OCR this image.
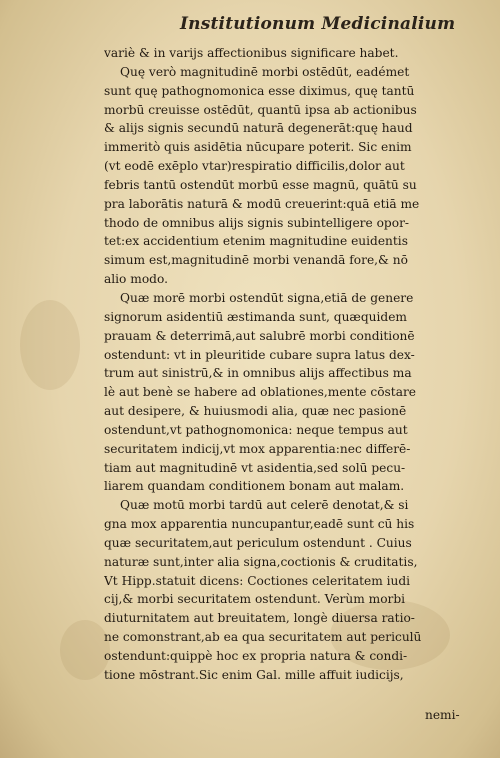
Institutionum Medicinalium
variè & in varijs affectionibus significare habet.
Quę verò magnitudinē morbi ostēdūt, eadémet
sunt quę pathognomonica esse diximus, quę tantū
morbū creuisse ostēdūt, quantū ipsa ab actionibus
& alijs signis secundū naturā degenerāt:quę haud
immeritò quis asidētia nūcupare poterit. Sic enim
(vt eodē exēplo vtar)respiratio difficilis,dolor aut
febris tantū ostendūt morbū esse magnū, quātū su
pra laborātis naturā & modū creuerint:quā etiā me
thodo de omnibus alijs signis subintelligere opor-
tet:ex accidentium etenim magnitudine euidentis
simum est,magnitudinē morbi venandā fore,& nō
alio modo.
Quæ morē morbi ostendūt signa,etiā de genere
signorum asidentiū æstimanda sunt, quæquidem
prauam & deterrimā,aut salubrē morbi conditionē
ostendunt: vt in pleuritide cubare supra latus dex-
trum aut sinistrū,& in omnibus alijs affectibus ma
lè aut benè se habere ad oblationes,mente cōstare
aut desipere, & huiusmodi alia, quæ nec pasionē
ostendunt,vt pathognomonica: neque tempus aut
securitatem indicij,vt mox apparentia:nec differē-
tiam aut magnitudinē vt asidentia,sed solū pecu-
liarem quandam conditionem bonam aut malam.
Quæ motū morbi tardū aut celerē denotat,& si
gna mox apparentia nuncupantur,eadē sunt cū his
quæ securitatem,aut periculum ostendunt . Cuius
naturæ sunt,inter alia signa,coctionis & cruditatis,
Vt Hipp.statuit dicens: Coctiones celeritatem iudi
cij,& morbi securitatem ostendunt. Verùm morbi
diuturnitatem aut breuitatem, longè diuersa ratio-
ne comonstrant,ab ea qua securitatem aut periculū
ostendunt:quippè hoc ex propria natura & condi-
tione mōstrant.Sic enim Gal. mille affuit iudicijs,
nemi-
